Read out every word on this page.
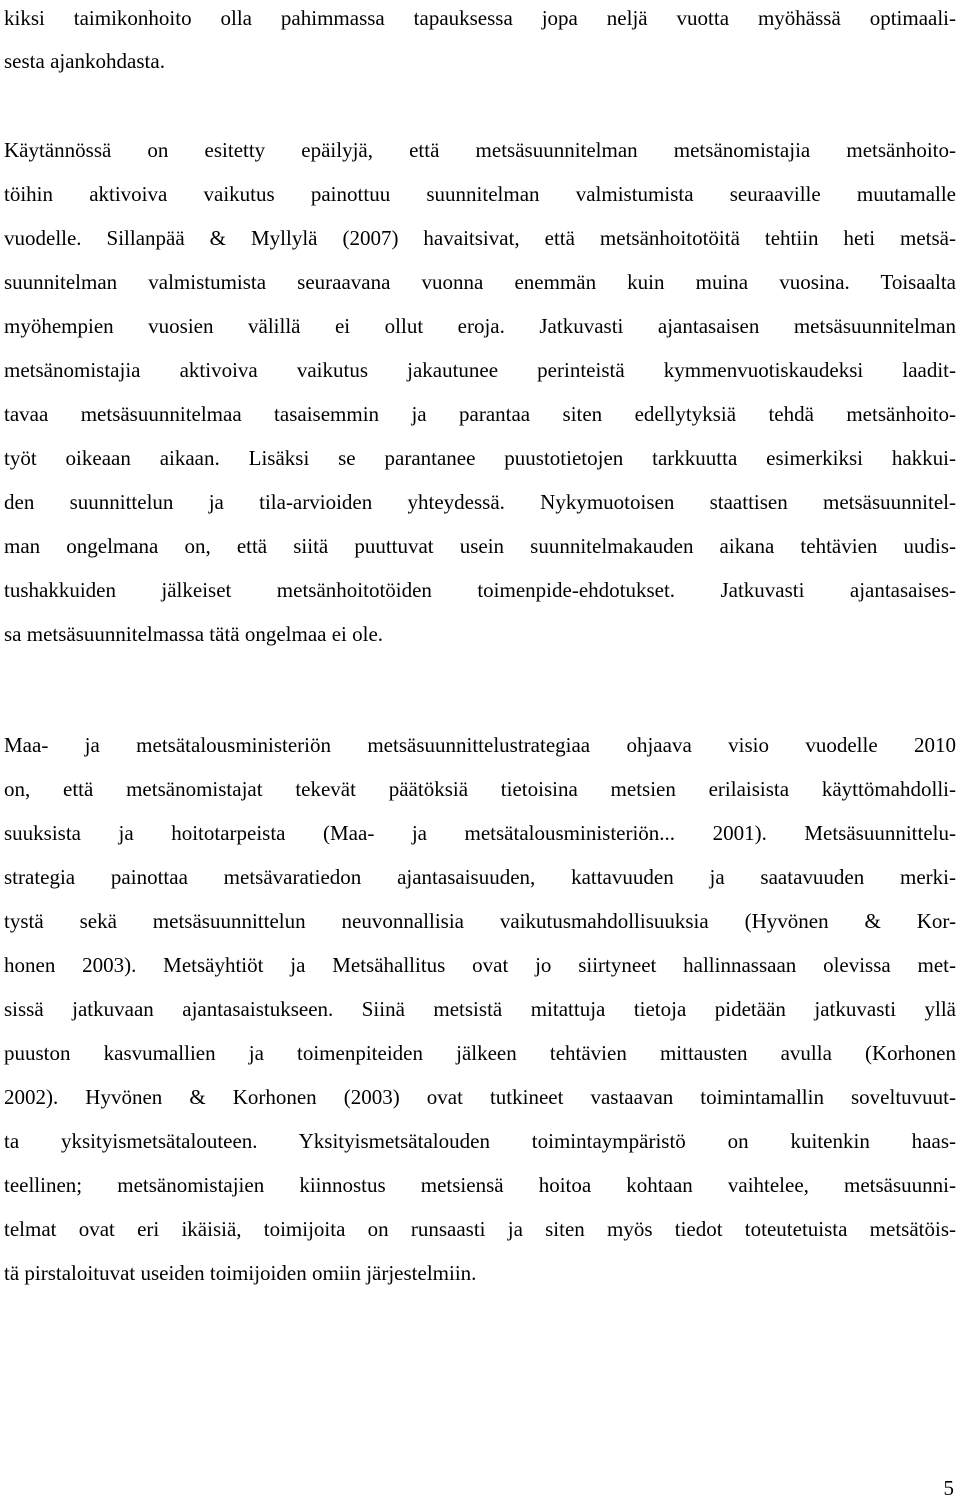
kiksi taimikonhoito olla pahimmassa tapauksessa jopa neljä vuotta myöhässä optimaali-
sesta ajankohdasta.
Käytännössä on esitetty epäilyjä, että metsäsuunnitelman metsänomistajia metsänhoito-
töihin aktivoiva vaikutus painottuu suunnitelman valmistumista seuraaville muutamalle
vuodelle. Sillanpää & Myllylä (2007) havaitsivat, että metsänhoitotöitä tehtiin heti metsä-
suunnitelman valmistumista seuraavana vuonna enemmän kuin muina vuosina. Toisaalta
myöhempien vuosien välillä ei ollut eroja. Jatkuvasti ajantasaisen metsäsuunnitelman
metsänomistajia aktivoiva vaikutus jakautunee perinteistä kymmenvuotiskaudeksi laadit-
tavaa metsäsuunnitelmaa tasaisemmin ja parantaa siten edellytyksiä tehdä metsänhoito-
työt oikeaan aikaan. Lisäksi se parantanee puustotietojen tarkkuutta esimerkiksi hakkui-
den suunnittelun ja tila-arvioiden yhteydessä. Nykymuotoisen staattisen metsäsuunnitel-
man ongelmana on, että siitä puuttuvat usein suunnitelmakauden aikana tehtävien uudis-
tushakkuiden jälkeiset metsänhoitotöiden toimenpide-ehdotukset. Jatkuvasti ajantasaises-
sa metsäsuunnitelmassa tätä ongelmaa ei ole.
Maa- ja metsätalousministeriön metsäsuunnittelustrategiaa ohjaava visio vuodelle 2010
on, että metsänomistajat tekevät päätöksiä tietoisina metsien erilaisista käyttömahdolli-
suuksista ja hoitotarpeista (Maa- ja metsätalousministeriön... 2001). Metsäsuunnittelu-
strategia painottaa metsävaratiedon ajantasaisuuden, kattavuuden ja saatavuuden merki-
tystä sekä metsäsuunnittelun neuvonnallisia vaikutusmahdollisuuksia (Hyvönen & Kor-
honen 2003). Metsäyhtiöt ja Metsähallitus ovat jo siirtyneet hallinnassaan olevissa met-
sissä jatkuvaan ajantasaistukseen. Siinä metsistä mitattuja tietoja pidetään jatkuvasti yllä
puuston kasvumallien ja toimenpiteiden jälkeen tehtävien mittausten avulla (Korhonen
2002). Hyvönen & Korhonen (2003) ovat tutkineet vastaavan toimintamallin soveltuvuut-
ta yksityismetsätalouteen. Yksityismetsätalouden toimintaympäristö on kuitenkin haas-
teellinen; metsänomistajien kiinnostus metsiensä hoitoa kohtaan vaihtelee, metsäsuunni-
telmat ovat eri ikäisiä, toimijoita on runsaasti ja siten myös tiedot toteutetuista metsätöis-
tä pirstaloituvat useiden toimijoiden omiin järjestelmiin.
5
